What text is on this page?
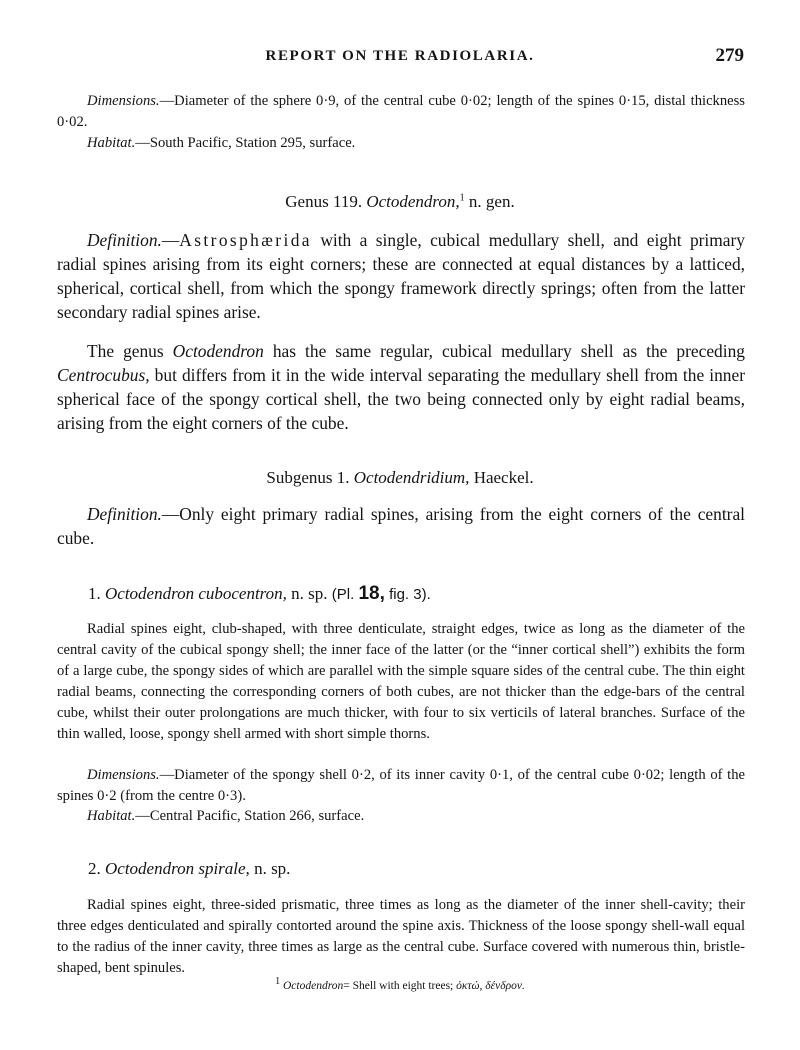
REPORT ON THE RADIOLARIA.	279
Dimensions.—Diameter of the sphere 0·9, of the central cube 0·02; length of the spines 0·15, distal thickness 0·02.
Habitat.—South Pacific, Station 295, surface.
Genus 119. Octodendron,$^1$ n. gen.
Definition.—Astrosphærida with a single, cubical medullary shell, and eight primary radial spines arising from its eight corners; these are connected at equal distances by a latticed, spherical, cortical shell, from which the spongy framework directly springs; often from the latter secondary radial spines arise.
The genus Octodendron has the same regular, cubical medullary shell as the preceding Centrocubus, but differs from it in the wide interval separating the medullary shell from the inner spherical face of the spongy cortical shell, the two being connected only by eight radial beams, arising from the eight corners of the cube.
Subgenus 1. Octodendridium, Haeckel.
Definition.—Only eight primary radial spines, arising from the eight corners of the central cube.
1. Octodendron cubocentron, n. sp. (Pl. 18, fig. 3).
Radial spines eight, club-shaped, with three denticulate, straight edges, twice as long as the diameter of the central cavity of the cubical spongy shell; the inner face of the latter (or the “inner cortical shell”) exhibits the form of a large cube, the spongy sides of which are parallel with the simple square sides of the central cube. The thin eight radial beams, connecting the corresponding corners of both cubes, are not thicker than the edge-bars of the central cube, whilst their outer prolongations are much thicker, with four to six verticils of lateral branches. Surface of the thin walled, loose, spongy shell armed with short simple thorns.
Dimensions.—Diameter of the spongy shell 0·2, of its inner cavity 0·1, of the central cube 0·02; length of the spines 0·2 (from the centre 0·3).
Habitat.—Central Pacific, Station 266, surface.
2. Octodendron spirale, n. sp.
Radial spines eight, three-sided prismatic, three times as long as the diameter of the inner shell-cavity; their three edges denticulated and spirally contorted around the spine axis. Thickness of the loose spongy shell-wall equal to the radius of the inner cavity, three times as large as the central cube. Surface covered with numerous thin, bristle-shaped, bent spinules.
$^1$ Octodendron= Shell with eight trees; ὀκτώ, δένδρον.
